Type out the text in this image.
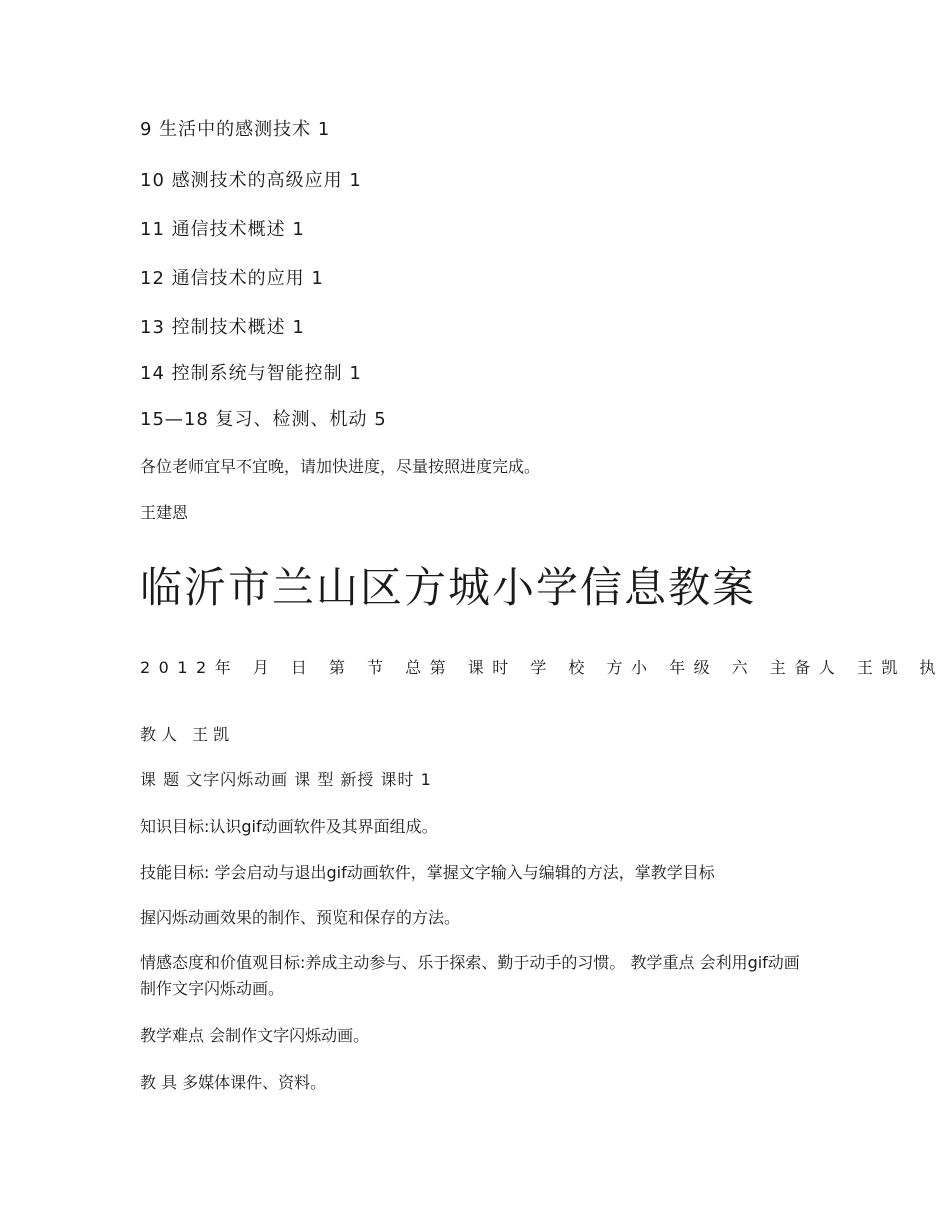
9 生活中的感测技术 1
10 感测技术的高级应用 1
11 通信技术概述 1
12 通信技术的应用 1
13 控制技术概述 1
14 控制系统与智能控制 1
15—18 复习、检测、机动 5
各位老师宜早不宜晚，请加快进度，尽量按照进度完成。
王建恩
临沂市兰山区方城小学信息教案
2012年 月 日 第 节 总第 课时 学 校 方小 年级 六 主备人 王凯 执
教人 王凯
课 题 文字闪烁动画 课 型 新授 课时 1
知识目标:认识gif动画软件及其界面组成。
技能目标: 学会启动与退出gif动画软件，掌握文字输入与编辑的方法，掌教学目标
握闪烁动画效果的制作、预览和保存的方法。
情感态度和价值观目标:养成主动参与、乐于探索、勤于动手的习惯。 教学重点 会利用gif动画制作文字闪烁动画。
教学难点 会制作文字闪烁动画。
教 具 多媒体课件、资料。
